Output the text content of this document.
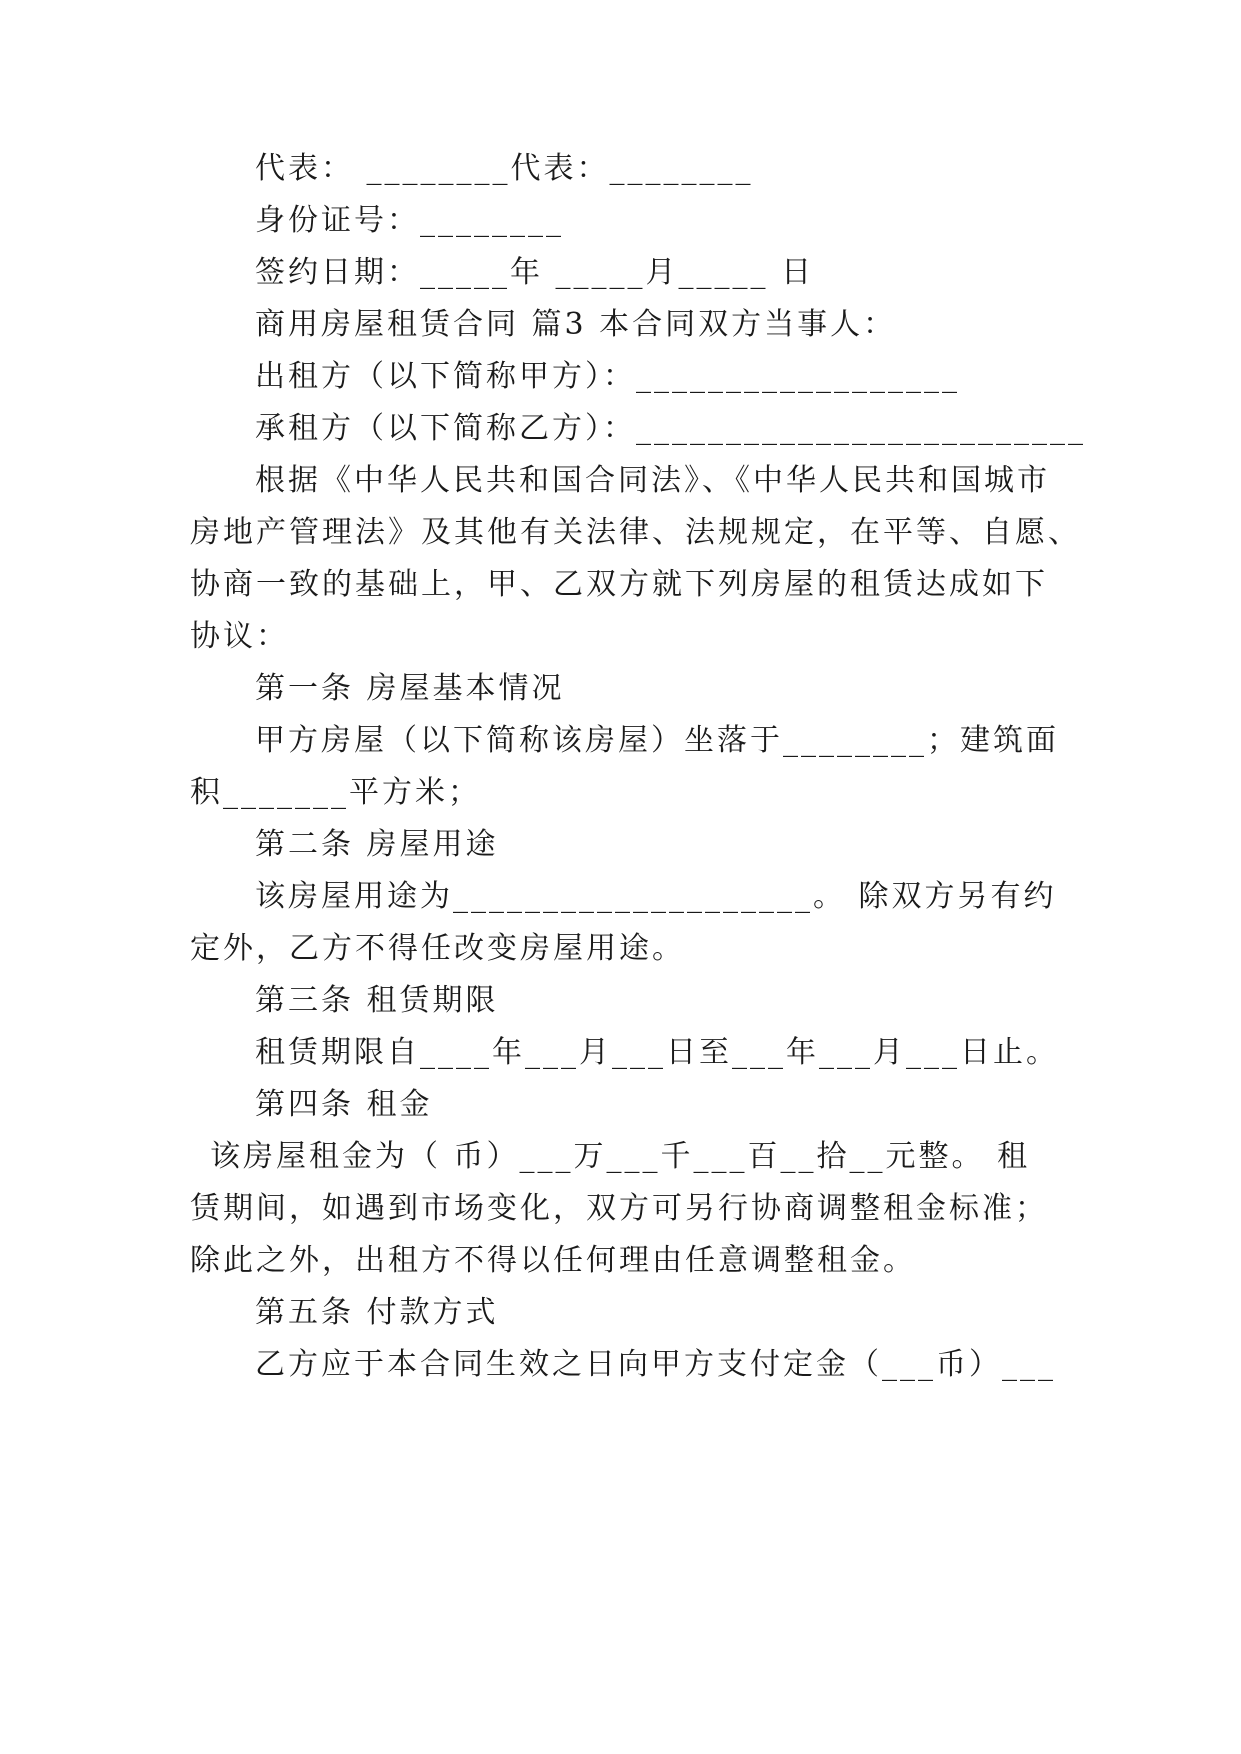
代表： ________代表：________
身份证号：________
签约日期：_____年 _____月_____ 日
商用房屋租赁合同 篇3 本合同双方当事人：
出租方（以下简称甲方）：__________________
承租方（以下简称乙方）：_________________________
根据《中华人民共和国合同法》、《中华人民共和国城市
房地产管理法》及其他有关法律、法规规定，在平等、自愿、
协商一致的基础上，甲、乙双方就下列房屋的租赁达成如下
协议：
第一条 房屋基本情况
甲方房屋（以下简称该房屋）坐落于________；建筑面
积_______平方米；
第二条 房屋用途
该房屋用途为____________________。 除双方另有约
定外，乙方不得任改变房屋用途。
第三条 租赁期限
租赁期限自____年___月___日至___年___月___日止。
第四条 租金
该房屋租金为（ 币）___万___千___百__拾__元整。 租
赁期间，如遇到市场变化，双方可另行协商调整租金标准；
除此之外，出租方不得以任何理由任意调整租金。
第五条 付款方式
乙方应于本合同生效之日向甲方支付定金（___币）___
